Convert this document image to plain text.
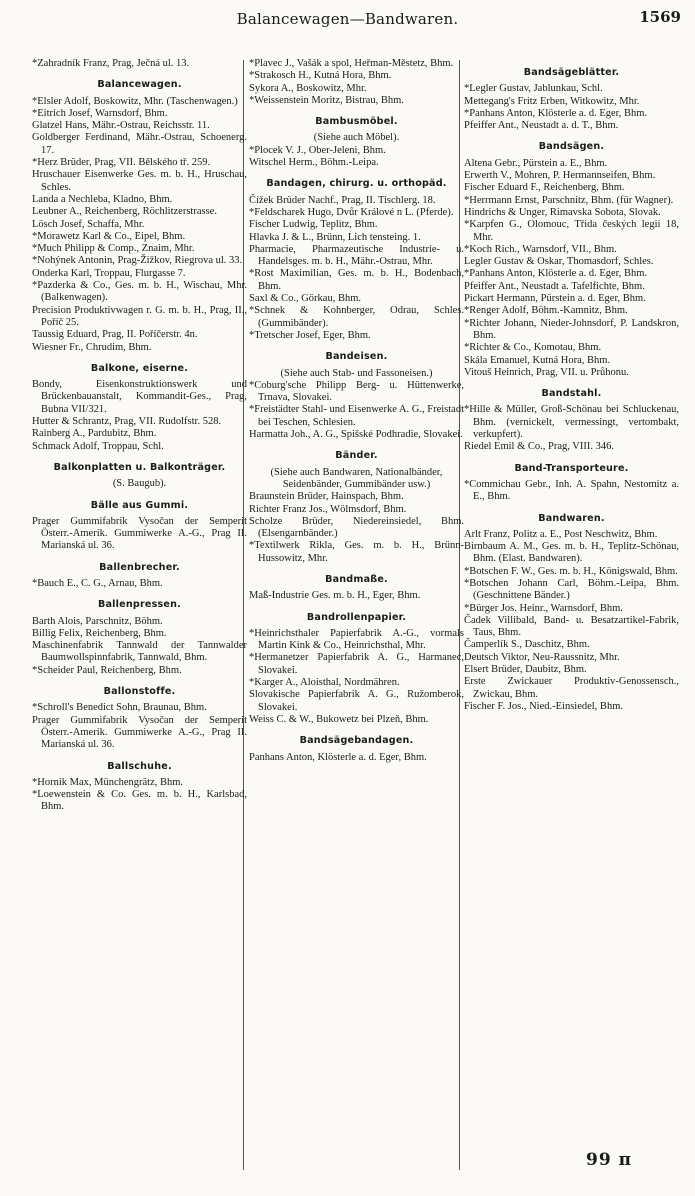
Balancewagen—Bandwaren.	1569

*Zahradník Franz, Prag, Ječná ul. 13.

Balancewagen.

*Elsler Adolf, Boskowitz, Mhr. (Taschenwagen.)

*Eitrich Josef, Warnsdorf, Bhm.

Glatzel Hans, Mähr.-Ostrau, Reichsstr. 11.

Goldberger Ferdinand, Mähr.-Ostrau, Schoenerg. 17.

*Herz Brüder, Prag, VII. Bělského tř. 259.

Hruschauer Eisenwerke Ges. m. b. H., Hruschau, Schles.

Landa a Nechleba, Kladno, Bhm.

Leubner A., Reichenberg, Röchlitzerstrasse.

Lösch Josef, Schaffa, Mhr.

*Morawetz Karl & Co., Eipel, Bhm.

*Much Philipp & Comp., Znaim, Mhr.

*Nohýnek Antonin, Prag-Žižkov, Riegrova ul. 33.

Onderka Karl, Troppau, Flurgasse 7.

*Pazderka & Co., Ges. m. b. H., Wischau, Mhr. (Balkenwagen).

Precision Produktivwagen r. G. m. b. H., Prag, II., Poříč 25.

Taussig Eduard, Prag, II. Poříčerstr. 4n.

Wiesner Fr., Chrudim, Bhm.

Balkone, eiserne.

Bondy, Eisenkonstruktionswerk und Brückenbauanstalt, Kommandit-Ges., Prag, Bubna VII/321.

Hutter & Schrantz, Prag, VII. Rudolfstr. 528.

Rainberg A., Pardubitz, Bhm.

Schmack Adolf, Troppau, Schl.

Balkonplatten u. Balkonträger.

(S. Baugub).

Bälle aus Gummi.

Prager Gummifabrik Vysočan der Semperit Österr.-Amerik. Gummiwerke A.-G., Prag II. Marianská ul. 36.

Ballenbrecher.

*Bauch E., C. G., Arnau, Bhm.

Ballenpressen.

Barth Alois, Parschnitz, Böhm.

Billig Felix, Reichenberg, Bhm.

Maschinenfabrik Tannwald der Tannwalder Baumwollspinnfabrik, Tannwald, Bhm.

*Scheider Paul, Reichenberg, Bhm.

Ballonstoffe.

*Schroll's Benedict Sohn, Braunau, Bhm.

Prager Gummifabrik Vysočan der Semperit Österr.-Amerik. Gummiwerke A.-G., Prag II. Marianská ul. 36.

Ballschuhe.

*Hornik Max, Münchengrätz, Bhm.

*Loewenstein & Co. Ges. m. b. H., Karlsbad, Bhm.

*Plavec J., Vašák a spol, Heřman-Městetz, Bhm.

*Strakosch H., Kutná Hora, Bhm.

Sykora A., Boskowitz, Mhr.

*Weissenstein Moritz, Bistrau, Bhm.

Bambusmöbel.

(Siehe auch Möbel).

*Plocek V. J., Ober-Jeleni, Bhm.

Witschel Herm., Böhm.-Leipa.

Bandagen, chirurg. u. orthopäd.

Čížek Brüder Nachf., Prag, II. Tischlerg. 18.

*Feldscharek Hugo, Dvůr Králové n L. (Pferde).

Fischer Ludwig, Teplitz, Bhm.

Hlavka J. & L., Brünn, Lich tensteing. 1.

Pharmacie, Pharmazeutische Industrie- u. Handelsges. m. b. H., Mähr.-Ostrau, Mhr.

*Rost Maximilian, Ges. m. b. H., Bodenbach, Bhm.

Saxl & Co., Görkau, Bhm.

*Schnek & Kohnberger, Odrau, Schles. (Gummibänder).

*Tretscher Josef, Eger, Bhm.

Bandeisen.

(Siehe auch Stab- und Fassoneisen.)

*Coburg'sche Philipp Berg- u. Hüttenwerke, Trnava, Slovakei.

*Freistädter Stahl- und Eisenwerke A. G., Freistadt bei Teschen, Schlesien.

Harmatta Joh., A. G., Spišské Podhradie, Slovakei.

Bänder.

(Siehe auch Bandwaren, Nationalbänder, Seidenbänder, Gummibänder usw.)

Braunstein Brüder, Hainspach, Bhm.

Richter Franz Jos., Wölmsdorf, Bhm.

Scholze Brüder, Niedereinsiedel, Bhm. (Elsengarnbänder.)

*Textilwerk Rikla, Ges. m. b. H., Brünn-Hussowitz, Mhr.

Bandmaße.

Maß-Industrie Ges. m. b. H., Eger, Bhm.

Bandrollenpapier.

*Heinrichsthaler Papierfabrik A.-G., vormals Martin Kink & Co., Heinrichsthal, Mhr.

*Hermanetzer Papierfabrik A. G., Harmanec, Slovakei.

*Karger A., Aloisthal, Nordmähren.

Slovakische Papierfabrik A. G., Ružomberok, Slovakei.

Weiss C. & W., Bukowetz bei Plzeň, Bhm.

Bandsägebandagen.

Panhans Anton, Klösterle a. d. Eger, Bhm.

Bandsägeblätter.

*Legler Gustav, Jablunkau, Schl.

Mettegang's Fritz Erben, Witkowitz, Mhr.

*Panhans Anton, Klösterle a. d. Eger, Bhm.

Pfeiffer Ant., Neustadt a. d. T., Bhm.

Bandsägen.

Altena Gebr., Pürstein a. E., Bhm.

Erwerth V., Mohren, P. Hermannseifen, Bhm.

Fischer Eduard F., Reichenberg, Bhm.

*Herrmann Ernst, Parschnitz, Bhm. (für Wagner).

Hindrichs & Unger, Rimavska Sobota, Slovak.

*Karpfen G., Olomouc, Třida českých legií 18, Mhr.

*Koch Rich., Warnsdorf, VII., Bhm.

Legler Gustav & Oskar, Thomasdorf, Schles.

*Panhans Anton, Klösterle a. d. Eger, Bhm.

Pfeiffer Ant., Neustadt a. Tafelfichte, Bhm.

Pickart Hermann, Pürstein a. d. Eger, Bhm.

*Renger Adolf, Böhm.-Kamnitz, Bhm.

*Richter Johann, Nieder-Johnsdorf, P. Landskron, Bhm.

*Richter & Co., Komotau, Bhm.

Skála Emanuel, Kutná Hora, Bhm.

Vitouš Heinrich, Prag, VII. u. Průhonu.

Bandstahl.

*Hille & Müller, Groß-Schönau bei Schluckenau, Bhm. (vernickelt, vermessingt, vertombakt, verkupfert).

Riedel Emil & Co., Prag, VIII. 346.

Band-Transporteure.

*Commichau Gebr., Inh. A. Spahn, Nestomitz a. E., Bhm.

Bandwaren.

Arlt Franz, Politz a. E., Post Neschwitz, Bhm.

Birnbaum A. M., Ges. m. b. H., Teplitz-Schönau, Bhm. (Elast. Bandwaren).

*Botschen F. W., Ges. m. b. H., Königswald, Bhm.

*Botschen Johann Carl, Böhm.-Leipa, Bhm. (Geschnittene Bänder.)

*Bürger Jos. Heinr., Warnsdorf, Bhm.

Čadek Villibald, Band- u. Besatzartikel-Fabrik, Taus, Bhm.

Čamperlík S., Daschitz, Bhm.

Deutsch Viktor, Neu-Raussnitz, Mhr.

Elsert Brüder, Daubitz, Bhm.

Erste Zwickauer Produktiv-Genossensch., Zwickau, Bhm.

Fischer F. Jos., Nied.-Einsiedel, Bhm.

99 ᴨ
